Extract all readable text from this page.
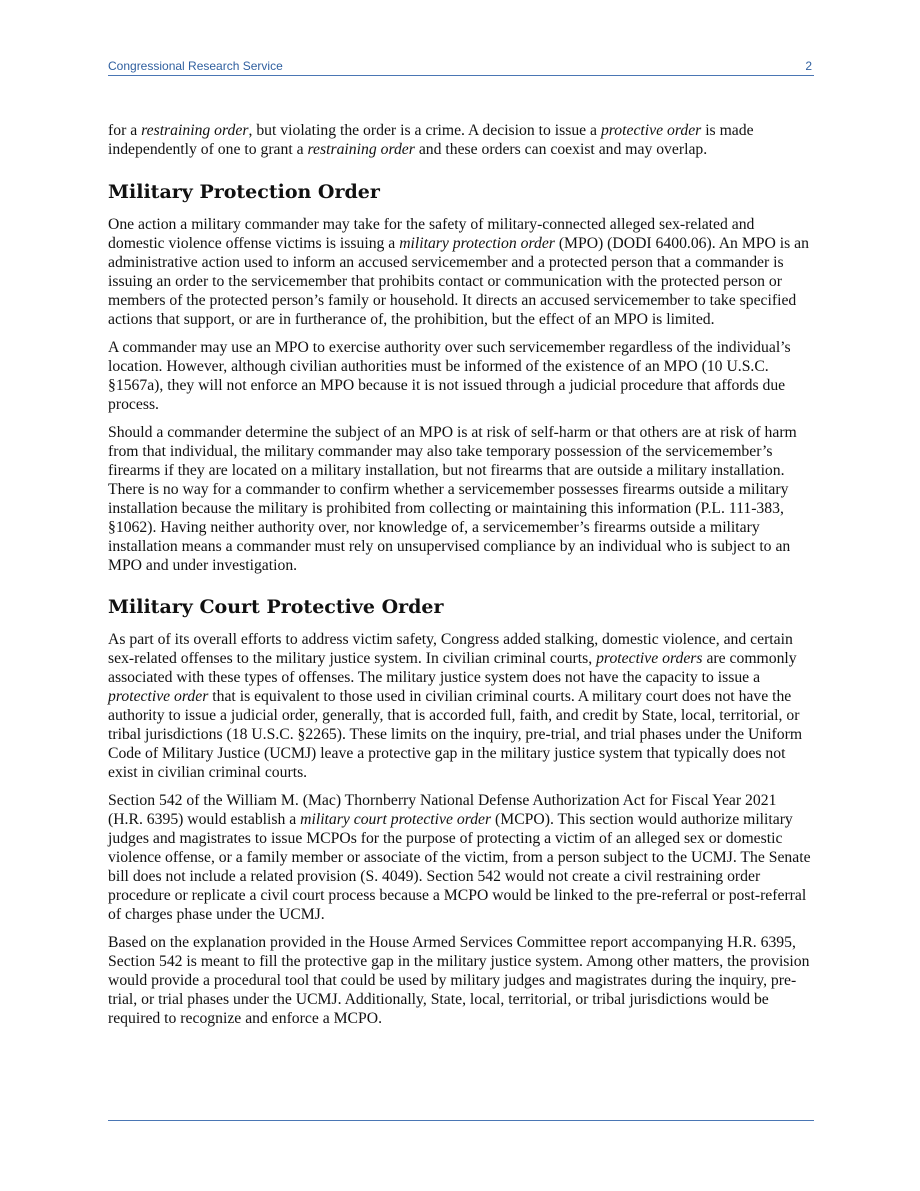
Congressional Research Service	2

for a restraining order, but violating the order is a crime. A decision to issue a protective order is made independently of one to grant a restraining order and these orders can coexist and may overlap.

Military Protection Order

One action a military commander may take for the safety of military-connected alleged sex-related and domestic violence offense victims is issuing a military protection order (MPO) (DODI 6400.06). An MPO is an administrative action used to inform an accused servicemember and a protected person that a commander is issuing an order to the servicemember that prohibits contact or communication with the protected person or members of the protected person’s family or household. It directs an accused servicemember to take specified actions that support, or are in furtherance of, the prohibition, but the effect of an MPO is limited.

A commander may use an MPO to exercise authority over such servicemember regardless of the individual’s location. However, although civilian authorities must be informed of the existence of an MPO (10 U.S.C. §1567a), they will not enforce an MPO because it is not issued through a judicial procedure that affords due process.

Should a commander determine the subject of an MPO is at risk of self-harm or that others are at risk of harm from that individual, the military commander may also take temporary possession of the servicemember’s firearms if they are located on a military installation, but not firearms that are outside a military installation. There is no way for a commander to confirm whether a servicemember possesses firearms outside a military installation because the military is prohibited from collecting or maintaining this information (P.L. 111-383, §1062). Having neither authority over, nor knowledge of, a servicemember’s firearms outside a military installation means a commander must rely on unsupervised compliance by an individual who is subject to an MPO and under investigation.

Military Court Protective Order

As part of its overall efforts to address victim safety, Congress added stalking, domestic violence, and certain sex-related offenses to the military justice system. In civilian criminal courts, protective orders are commonly associated with these types of offenses. The military justice system does not have the capacity to issue a protective order that is equivalent to those used in civilian criminal courts. A military court does not have the authority to issue a judicial order, generally, that is accorded full, faith, and credit by State, local, territorial, or tribal jurisdictions (18 U.S.C. §2265). These limits on the inquiry, pre-trial, and trial phases under the Uniform Code of Military Justice (UCMJ) leave a protective gap in the military justice system that typically does not exist in civilian criminal courts.

Section 542 of the William M. (Mac) Thornberry National Defense Authorization Act for Fiscal Year 2021 (H.R. 6395) would establish a military court protective order (MCPO). This section would authorize military judges and magistrates to issue MCPOs for the purpose of protecting a victim of an alleged sex or domestic violence offense, or a family member or associate of the victim, from a person subject to the UCMJ. The Senate bill does not include a related provision (S. 4049). Section 542 would not create a civil restraining order procedure or replicate a civil court process because a MCPO would be linked to the pre-referral or post-referral of charges phase under the UCMJ.

Based on the explanation provided in the House Armed Services Committee report accompanying H.R. 6395, Section 542 is meant to fill the protective gap in the military justice system. Among other matters, the provision would provide a procedural tool that could be used by military judges and magistrates during the inquiry, pre-trial, or trial phases under the UCMJ. Additionally, State, local, territorial, or tribal jurisdictions would be required to recognize and enforce a MCPO.
